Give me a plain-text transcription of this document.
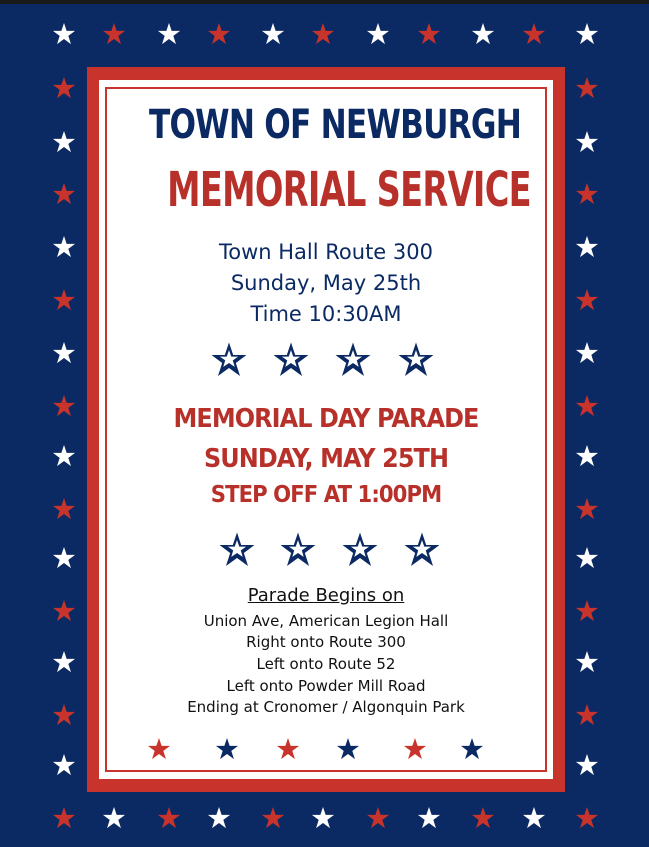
TOWN OF NEWBURGH
MEMORIAL SERVICE
Town Hall Route 300
Sunday, May 25th
Time 10:30AM
MEMORIAL DAY PARADE
SUNDAY, MAY 25TH
STEP OFF AT 1:00PM
Parade Begins on
Union Ave, American Legion Hall
Right onto Route 300
Left onto Route 52
Left onto Powder Mill Road
Ending at Cronomer / Algonquin Park
